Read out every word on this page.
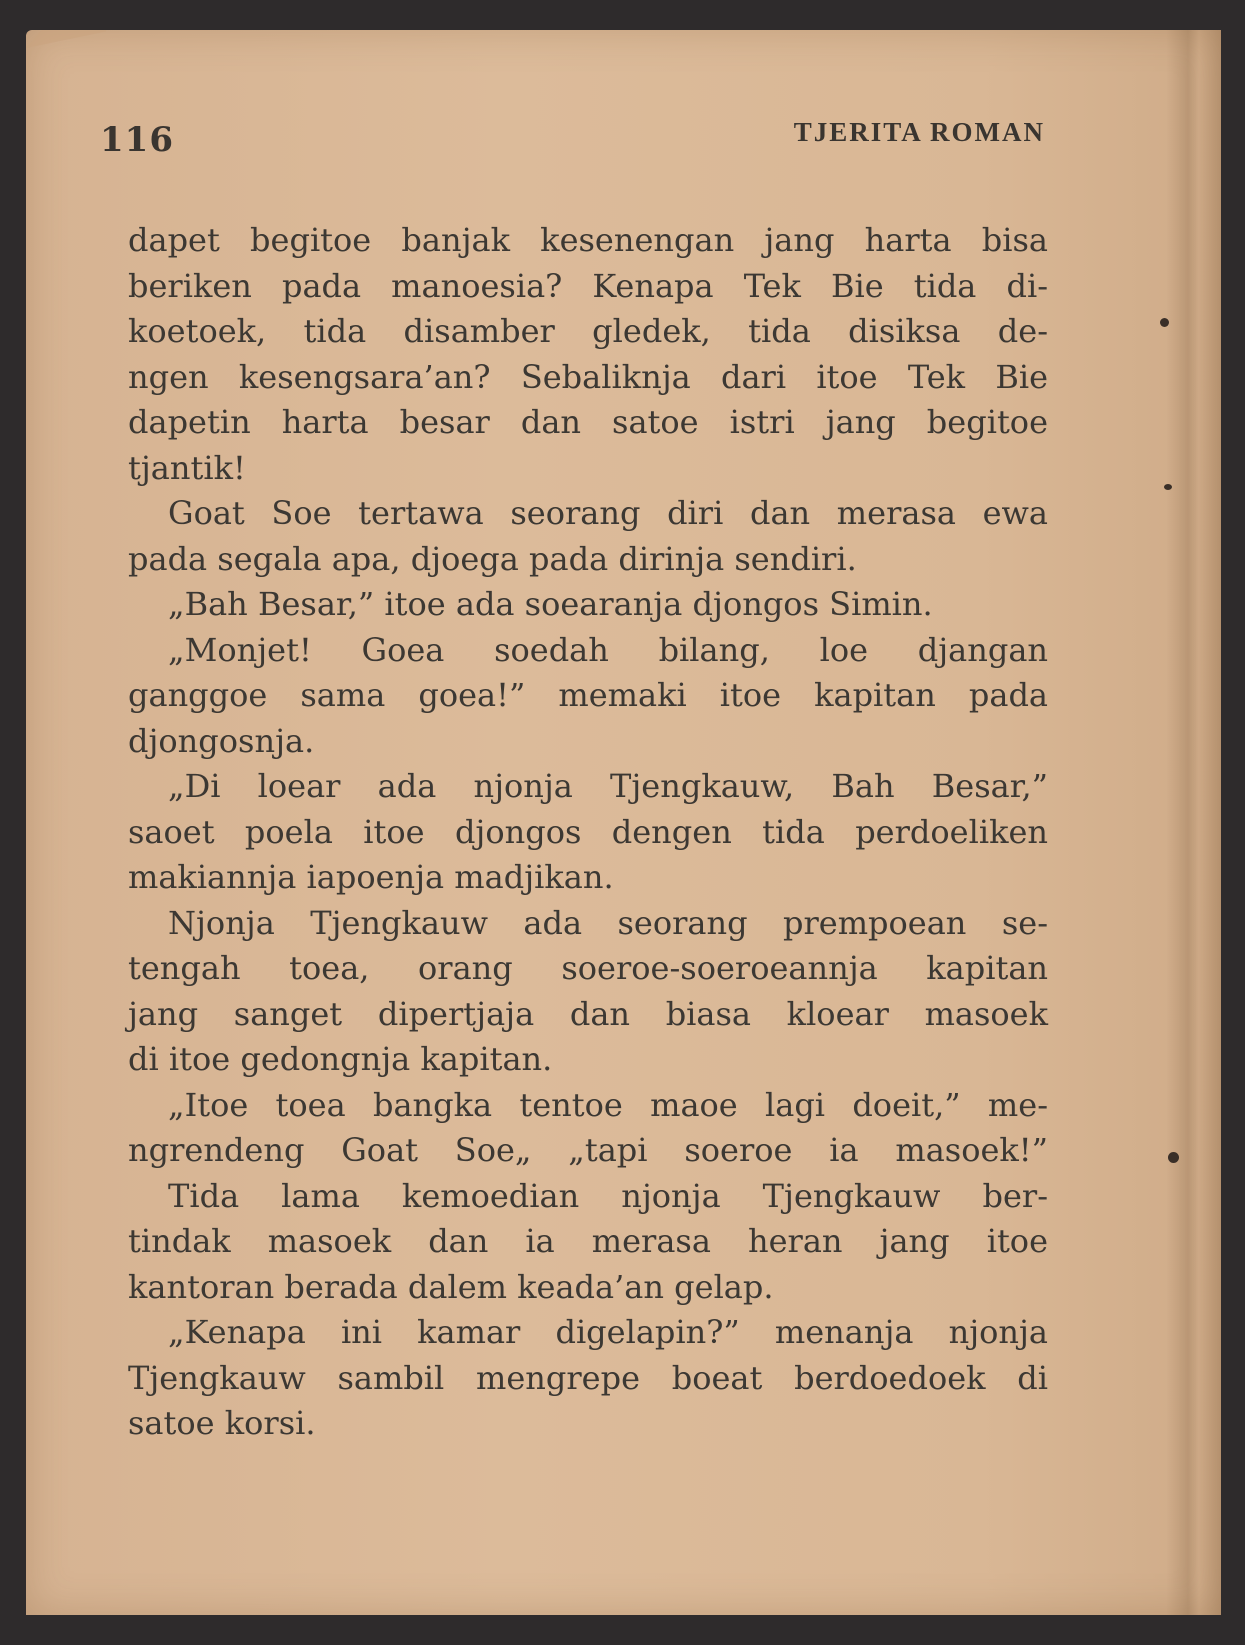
116	TJERITA ROMAN
dapet begitoe banjak kesenengan jang harta bisa
beriken pada manoesia? Kenapa Tek Bie tida di-
koetoek, tida disamber gledek, tida disiksa de-
ngen kesengsara’an? Sebaliknja dari itoe Tek Bie
dapetin harta besar dan satoe istri jang begitoe
tjantik!
Goat Soe tertawa seorang diri dan merasa ewa
pada segala apa, djoega pada dirinja sendiri.
„Bah Besar,” itoe ada soearanja djongos Simin.
„Monjet! Goea soedah bilang, loe djangan
ganggoe sama goea!” memaki itoe kapitan pada
djongosnja.
„Di loear ada njonja Tjengkauw, Bah Besar,”
saoet poela itoe djongos dengen tida perdoeliken
makiannja iapoenja madjikan.
Njonja Tjengkauw ada seorang prempoean se-
tengah toea, orang soeroe-soeroeannja kapitan
jang sanget dipertjaja dan biasa kloear masoek
di itoe gedongnja kapitan.
„Itoe toea bangka tentoe maoe lagi doeit,” me-
ngrendeng Goat Soe„ „tapi soeroe ia masoek!”
Tida lama kemoedian njonja Tjengkauw ber-
tindak masoek dan ia merasa heran jang itoe
kantoran berada dalem keada’an gelap.
„Kenapa ini kamar digelapin?” menanja njonja
Tjengkauw sambil mengrepe boeat berdoedoek di
satoe korsi.
